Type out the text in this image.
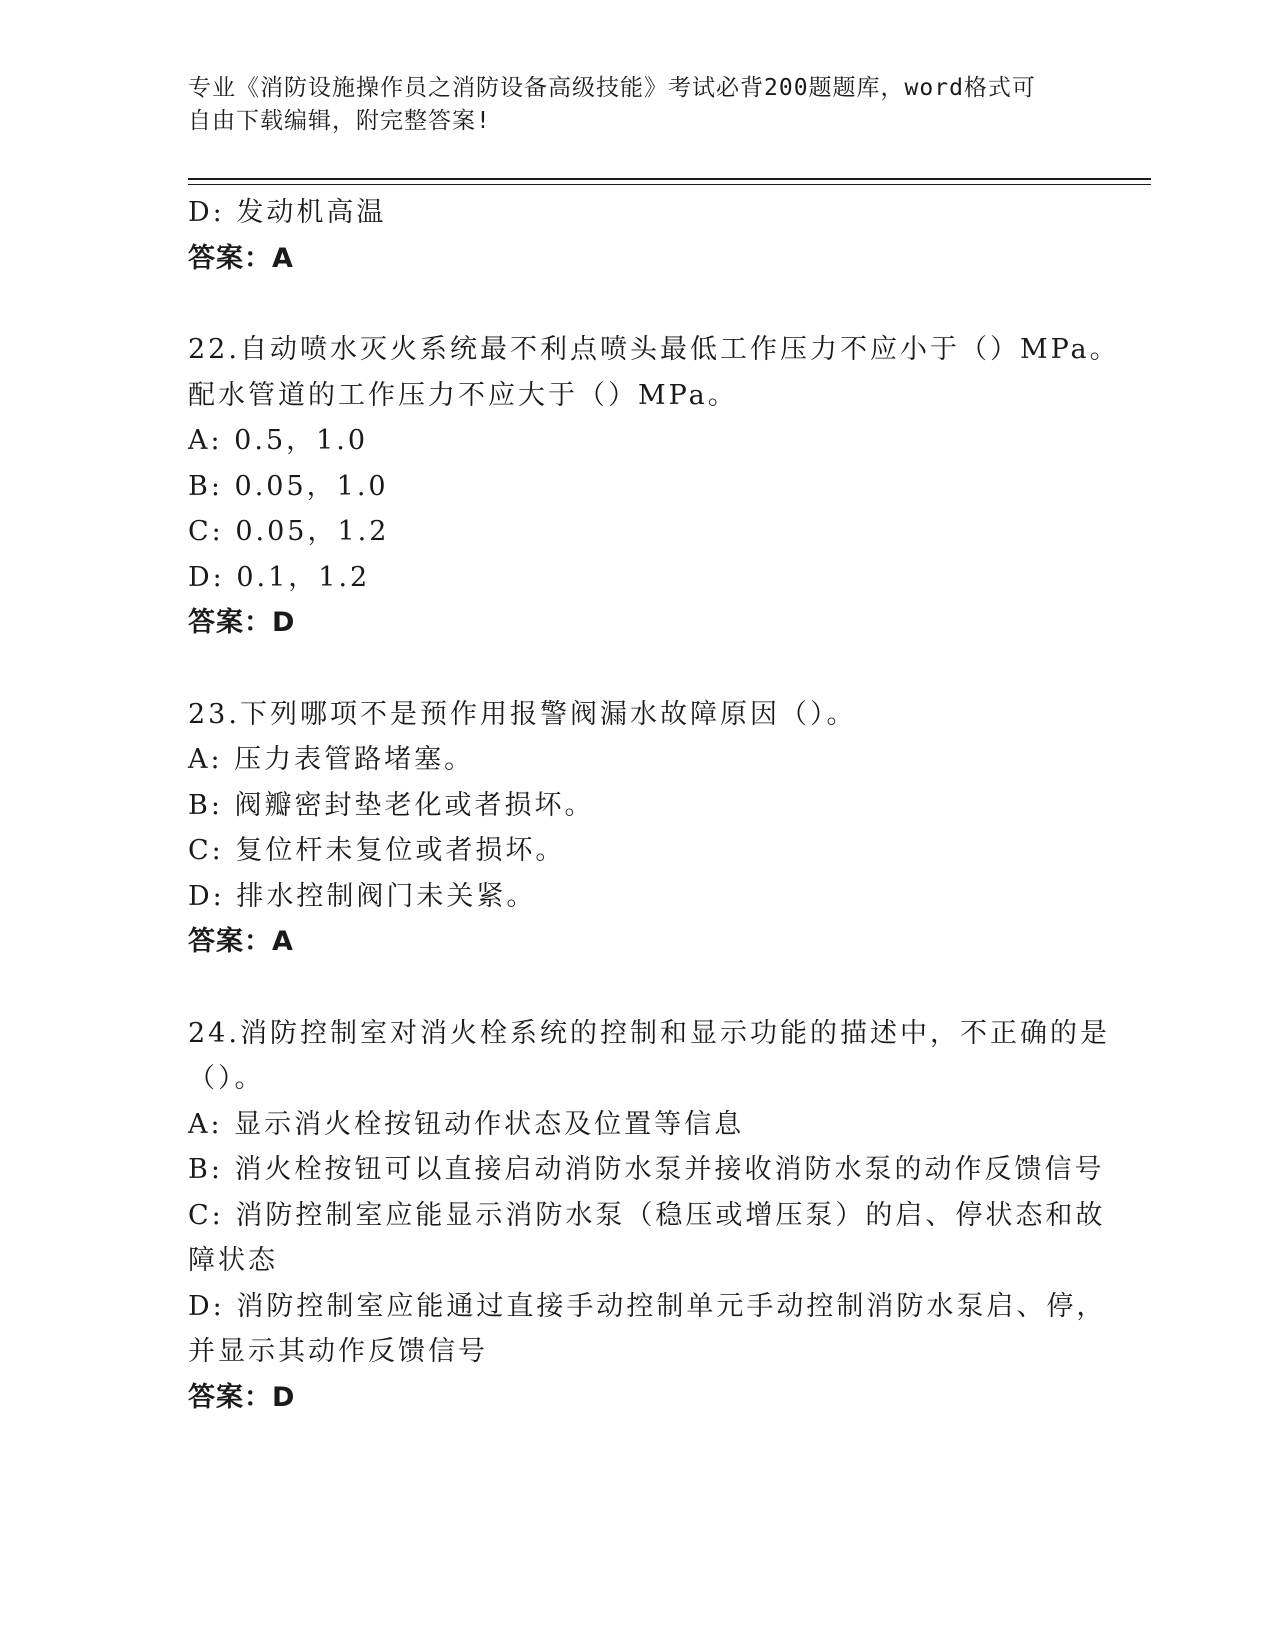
专业《消防设施操作员之消防设备高级技能》考试必背200题题库，word格式可
自由下载编辑，附完整答案!
D: 发动机高温
答案：A
22.自动喷水灭火系统最不利点喷头最低工作压力不应小于（）MPa。
配水管道的工作压力不应大于（）MPa。
A: 0.5，1.0
B: 0.05，1.0
C: 0.05，1.2
D: 0.1，1.2
答案：D
23.下列哪项不是预作用报警阀漏水故障原因（）。
A: 压力表管路堵塞。
B: 阀瓣密封垫老化或者损坏。
C: 复位杆未复位或者损坏。
D: 排水控制阀门未关紧。
答案：A
24.消防控制室对消火栓系统的控制和显示功能的描述中，不正确的是
（）。
A: 显示消火栓按钮动作状态及位置等信息
B: 消火栓按钮可以直接启动消防水泵并接收消防水泵的动作反馈信号
C: 消防控制室应能显示消防水泵（稳压或增压泵）的启、停状态和故
障状态
D: 消防控制室应能通过直接手动控制单元手动控制消防水泵启、停，
并显示其动作反馈信号
答案：D
